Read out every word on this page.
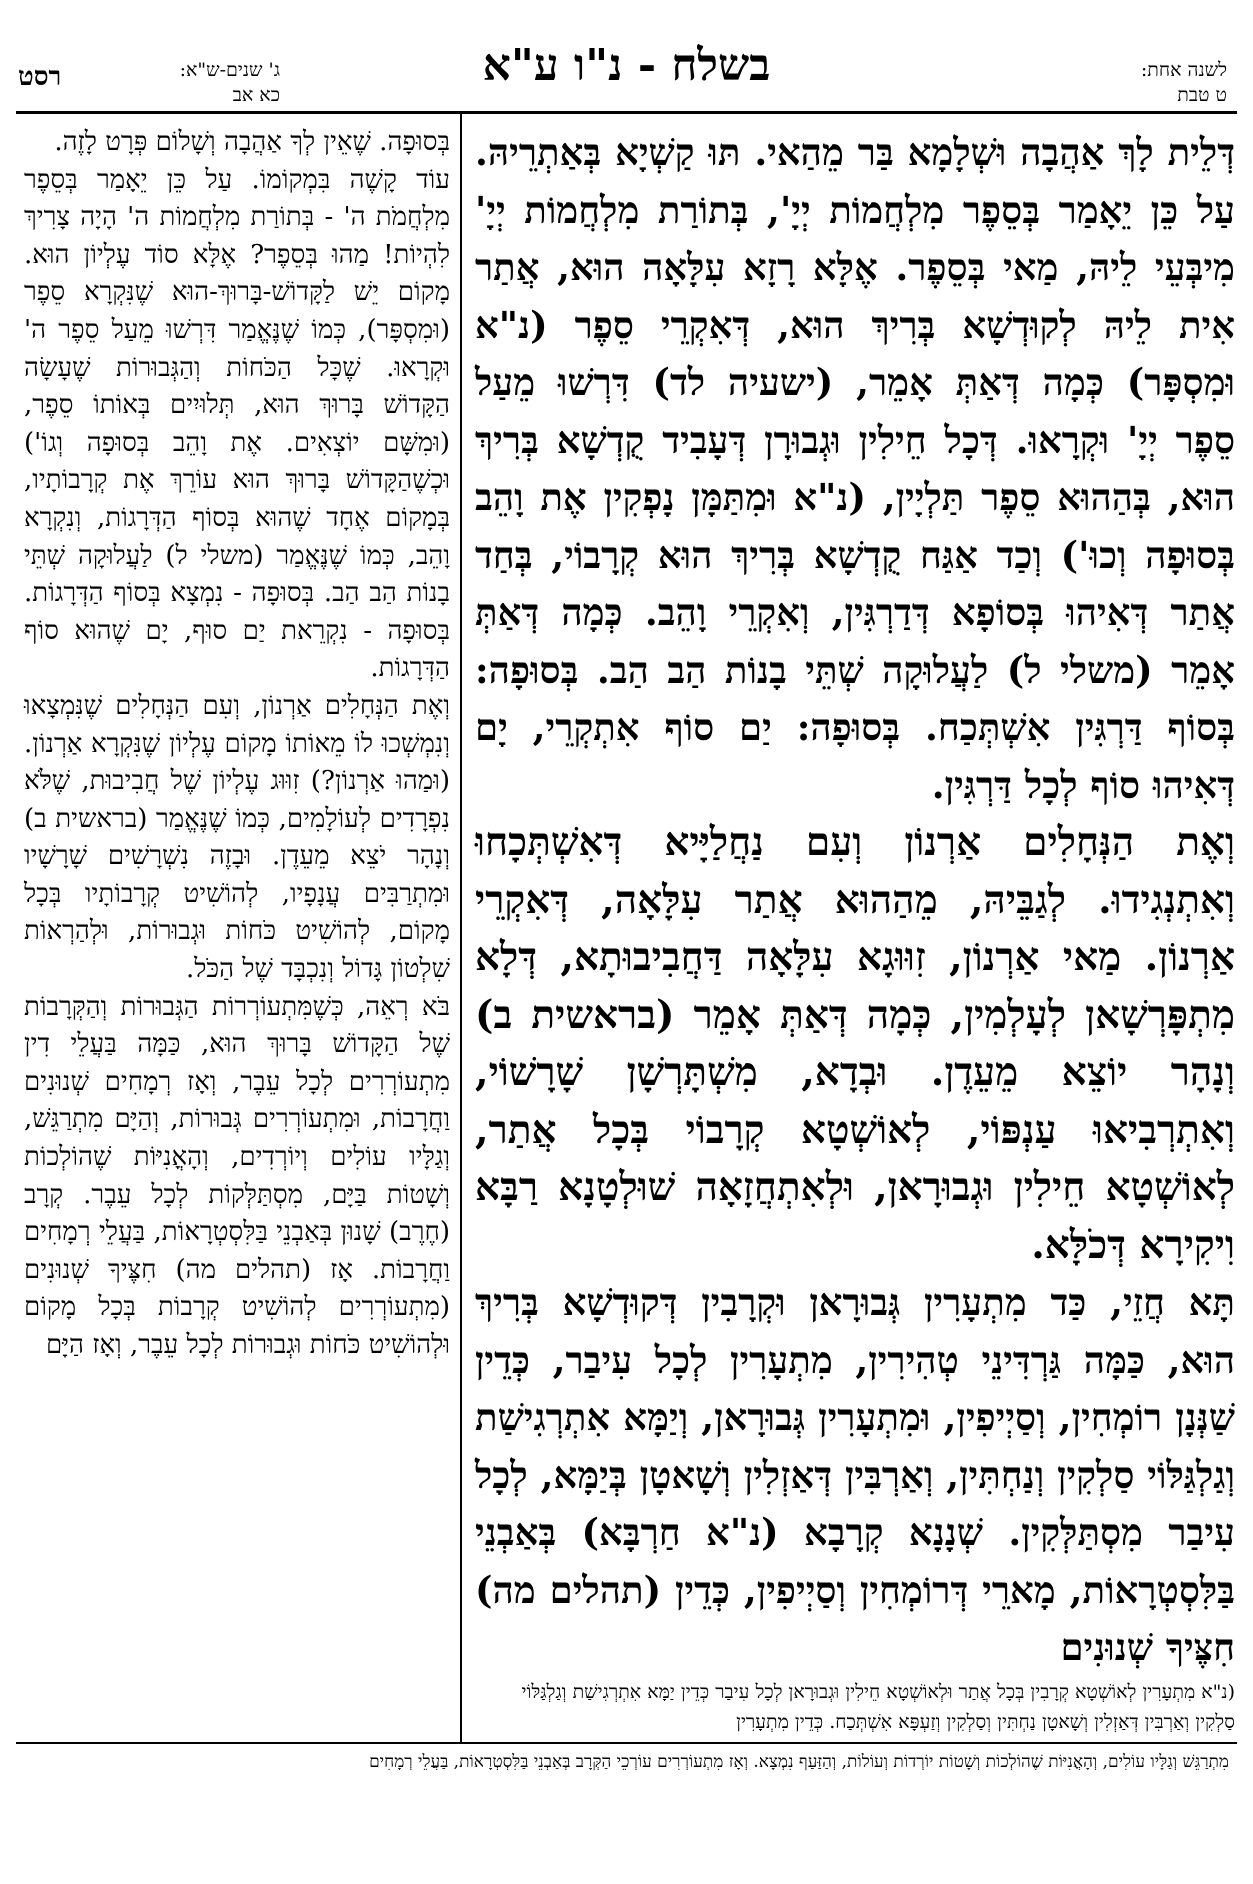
לשנה אחת:
ט טבת
בשלח - נ"ו ע"א
ג' שנים-ש"א:
כא אב
רסט

דְּלֵית לָךְ אַהֲבָה וּשְׁלָמָא בַּר מֵהַאי. תּוּ קַשְׁיָא בְּאַתְרֵיהּ. עַל כֵּן יֵאָמַר בְּסֵפֶר מִלְחֲמוֹת יְיָ', בְּתוֹרַת מִלְחֲמוֹת יְיָ' מִיבְּעֵי לֵיהּ, מַאי בְּסֵפֶר. אֶלָּא רָזָא עִלָּאָה הוּא, אֲתַר אִית לֵיהּ לְקוּדְשָׁא בְּרִיךְ הוּא, דְּאִקְרֵי סֵפֶר (נ"א וּמִסְפָּר) כְּמָה דְּאַתְּ אָמֵר, (ישעיה לד) דִּרְשׁוּ מֵעַל סֵפֶר יְיָ' וּקְרָאוּ. דְּכָל חֵילִין וּגְבוּרָן דְּעָבִיד קֻדְשָׁא בְּרִיךְ הוּא, בְּהַהוּא סֵפֶר תַּלְיָין, (נ"א וּמִתַּמָּן נָפְקִין אֶת וָהֵב בְּסוּפָה וְכוּ') וְכַד אַגַּח קֻדְשָׁא בְּרִיךְ הוּא קְרָבוֹי, בְּחַד אֲתַר דְּאִיהוּ בְּסוֹפָא דְּדַרְגִּין, וְאִקְרֵי וָהֵב. כְּמָה דְּאַתְּ אָמֵר (משלי ל) לַעֲלוּקָה שְׁתֵּי בָנוֹת הַב הַב. בְּסוּפָה: בְּסוֹף דַּרְגִּין אִשְׁתְּכַח. בְּסוּפָה: יַם סוֹף אִתְקְרֵי, יָם דְּאִיהוּ סוֹף לְכָל דַּרְגִּין.

וְאֶת הַנְּחָלִים אַרְנוֹן וְעִם נַחֲלַיָּיא דְּאִשְׁתְּכָחוּ וְאִתְנְגִידוּ. לְגַבֵּיהּ, מֵהַהוּא אֲתַר עִלָּאָה, דְּאִקְרֵי אַרְנוֹן. מַאי אַרְנוֹן, זִוּוּגָא עִלָּאָה דַּחֲבִיבוּתָא, דְּלָא מִתְפָּרְשָׁאן לְעָלְמִין, כְּמָה דְּאַתְּ אָמֵר (בראשית ב) וְנָהָר יוֹצֵא מֵעֵדֶן. וּבְדָא, מִשְׁתָּרְשָׁן שָׁרָשׁוֹי, וְאִתְרְבִיאוּ עַנְפּוֹי, לְאוֹשְׁטָא קְרָבוֹי בְּכָל אֲתַר, לְאוֹשְׁטָא חֵילִין וּגְבוּרָאן, וּלְאִתְחֲזָאָה שׁוּלְטָנָא רַבָּא וִיקִירָא דְּכֹלָּא.

תָּא חֲזֵי, כַּד מִתְעָרִין גְּבוּרָאן וּקְרָבִין דְּקוּדְשָׁא בְּרִיךְ הוּא, כַּמָּה גַּרְדִּינֵי טְהִירִין, מִתְעָרִין לְכָל עִיבַר, כְּדֵין שַׁנְּנָן רוֹמְחִין, וְסַיְיפִין, וּמִתְעָרִין גְּבוּרָאן, וְיַמָּא אִתְרְגִישַׁת וְגַלְגַּלּוֹי סַלְקִין וְנַחְתִּין, וְאַרְבִּין דְּאַזְלִין וְשָׁאטָן בְּיַמָּא, לְכָל עִיבַר מִסְתַּלְּקִין. שְׁנָנָא קְרָבָא (נ"א חַרְבָּא) בְּאַבְנֵי בַּלִּסְטְרָאוֹת, מָארֵי דְּרוֹמְחִין וְסַיְיפִין, כְּדֵין (תהלים מה) חִצֶּיךָ שְׁנוּנִים

(נ"א מִתְעָרִין לְאוֹשְׁטָא קְרָבִין בְּכָל אֲתַר וּלְאוֹשְׁטָא חֵילִין וּגְבוּרָאן לְכָל עִיבַר כְּדֵין יַמָּא אִתְרְגִישַׁת וְגַלְגַּלּוֹי

סַלְקִין וְאַרְבִּין דְּאַזְלִין וְשָׁאטָן נַחְתִּין וְסַלְקִין וְזַעְפָּא אִשְׁתְּכַח. כְּדֵין מִתְעָרִין

בְּסוּפָה. שֶׁאֵין לְךָ אַהֲבָה וְשָׁלוֹם פְּרָט לָזֶה.

עוֹד קָשֶׁה בִּמְקוֹמוֹ. עַל כֵּן יֵאָמַר בְּסֵפֶר מִלְחֲמֹת ה' - בְּתוֹרַת מִלְחֲמוֹת ה' הָיָה צָרִיךְ לִהְיוֹת! מַהוּ בְּסֵפֶר? אֶלָּא סוֹד עֶלְיוֹן הוּא. מָקוֹם יֵשׁ לַקָּדוֹשׁ-בָּרוּךְ-הוּא שֶׁנִּקְרָא סֵפֶר (וּמִסְפָּר), כְּמוֹ שֶׁנֶּאֱמַר דִּרְשׁוּ מֵעַל סֵפֶר ה' וּקְרָאוּ. שֶׁכָּל הַכֹּחוֹת וְהַגְּבוּרוֹת שֶׁעָשָׂה הַקָּדוֹשׁ בָּרוּךְ הוּא, תְּלוּיִים בְּאוֹתוֹ סֵפֶר, (וּמִשָּׁם יוֹצְאִים. אֶת וָהֵב בְּסוּפָה וְגוֹ') וּכְשֶׁהַקָּדוֹשׁ בָּרוּךְ הוּא עוֹרֵךְ אֶת קְרָבוֹתָיו, בְּמָקוֹם אֶחָד שֶׁהוּא בְּסוֹף הַדְּרָגוֹת, וְנִקְרָא וָהֵב, כְּמוֹ שֶׁנֶּאֱמַר (משלי ל) לַעֲלוּקָה שְׁתֵּי בָנוֹת הַב הַב. בְּסוּפָה - נִמְצָא בְּסוֹף הַדְּרָגוֹת. בְּסוּפָה - נִקְרֵאת יַם סוּף, יָם שֶׁהוּא סוֹף הַדְּרָגוֹת.

וְאֶת הַנְּחָלִים אַרְנוֹן, וְעִם הַנְּחָלִים שֶׁנִּמְצָאוּ וְנִמְשְׁכוּ לוֹ מֵאוֹתוֹ מָקוֹם עֶלְיוֹן שֶׁנִּקְרָא אַרְנוֹן. (וּמַהוּ אַרְנוֹן?) זִוּוּג עֶלְיוֹן שֶׁל חֲבִיבוּת, שֶׁלֹּא נִפְרָדִים לְעוֹלָמִים, כְּמוֹ שֶׁנֶּאֱמַר (בראשית ב) וְנָהָר יֹצֵא מֵעֵדֶן. וּבָזֶה נִשְׁרָשִׁים שָׁרָשָׁיו וּמִתְרַבִּים עֲנָפָיו, לְהוֹשִׁיט קְרָבוֹתָיו בְּכָל מָקוֹם, לְהוֹשִׁיט כֹּחוֹת וּגְבוּרוֹת, וּלְהַרְאוֹת שִׁלְטוֹן גָּדוֹל וְנִכְבָּד שֶׁל הַכֹּל.

בֹּא רְאֵה, כְּשֶׁמִּתְעוֹרְרוֹת הַגְּבוּרוֹת וְהַקְּרָבוֹת שֶׁל הַקָּדוֹשׁ בָּרוּךְ הוּא, כַּמָּה בַּעֲלֵי דִין מִתְעוֹרְרִים לְכָל עֵבֶר, וְאָז רְמָחִים שְׁנוּנִים וַחֲרָבוֹת, וּמִתְעוֹרְרִים גְּבוּרוֹת, וְהַיָּם מִתְרַגֵּשׁ, וְגַלָּיו עוֹלִים וְיוֹרְדִים, וְהָאֳנִיּוֹת שֶׁהוֹלְכוֹת וְשָׁטוֹת בַּיָּם, מִסְתַּלְּקוֹת לְכָל עֵבֶר. קְרָב (חֶרֶב) שָׁנוּן בְּאַבְנֵי בַּלִּסְטְרָאוֹת, בַּעֲלֵי רְמָחִים וַחֲרָבוֹת. אָז (תהלים מה) חִצֶּיךָ שְׁנוּנִים (מִתְעוֹרְרִים לְהוֹשִׁיט קְרָבוֹת בְּכָל מָקוֹם וּלְהוֹשִׁיט כֹּחוֹת וּגְבוּרוֹת לְכָל עֵבֶר, וְאָז הַיָּם

מִתְרַגֵּשׁ וְגַלָּיו עוֹלִים, וְהָאֳנִיּוֹת שֶׁהוֹלְכוֹת וְשָׁטוֹת יוֹרְדוֹת וְעוֹלוֹת, וְהַזַּעַף נִמְצָא. וְאָז מִתְעוֹרְרִים עוֹרְכֵי הַקְּרָב בְּאַבְנֵי בַּלִּסְטְרָאוֹת, בַּעֲלֵי רְמָחִים
